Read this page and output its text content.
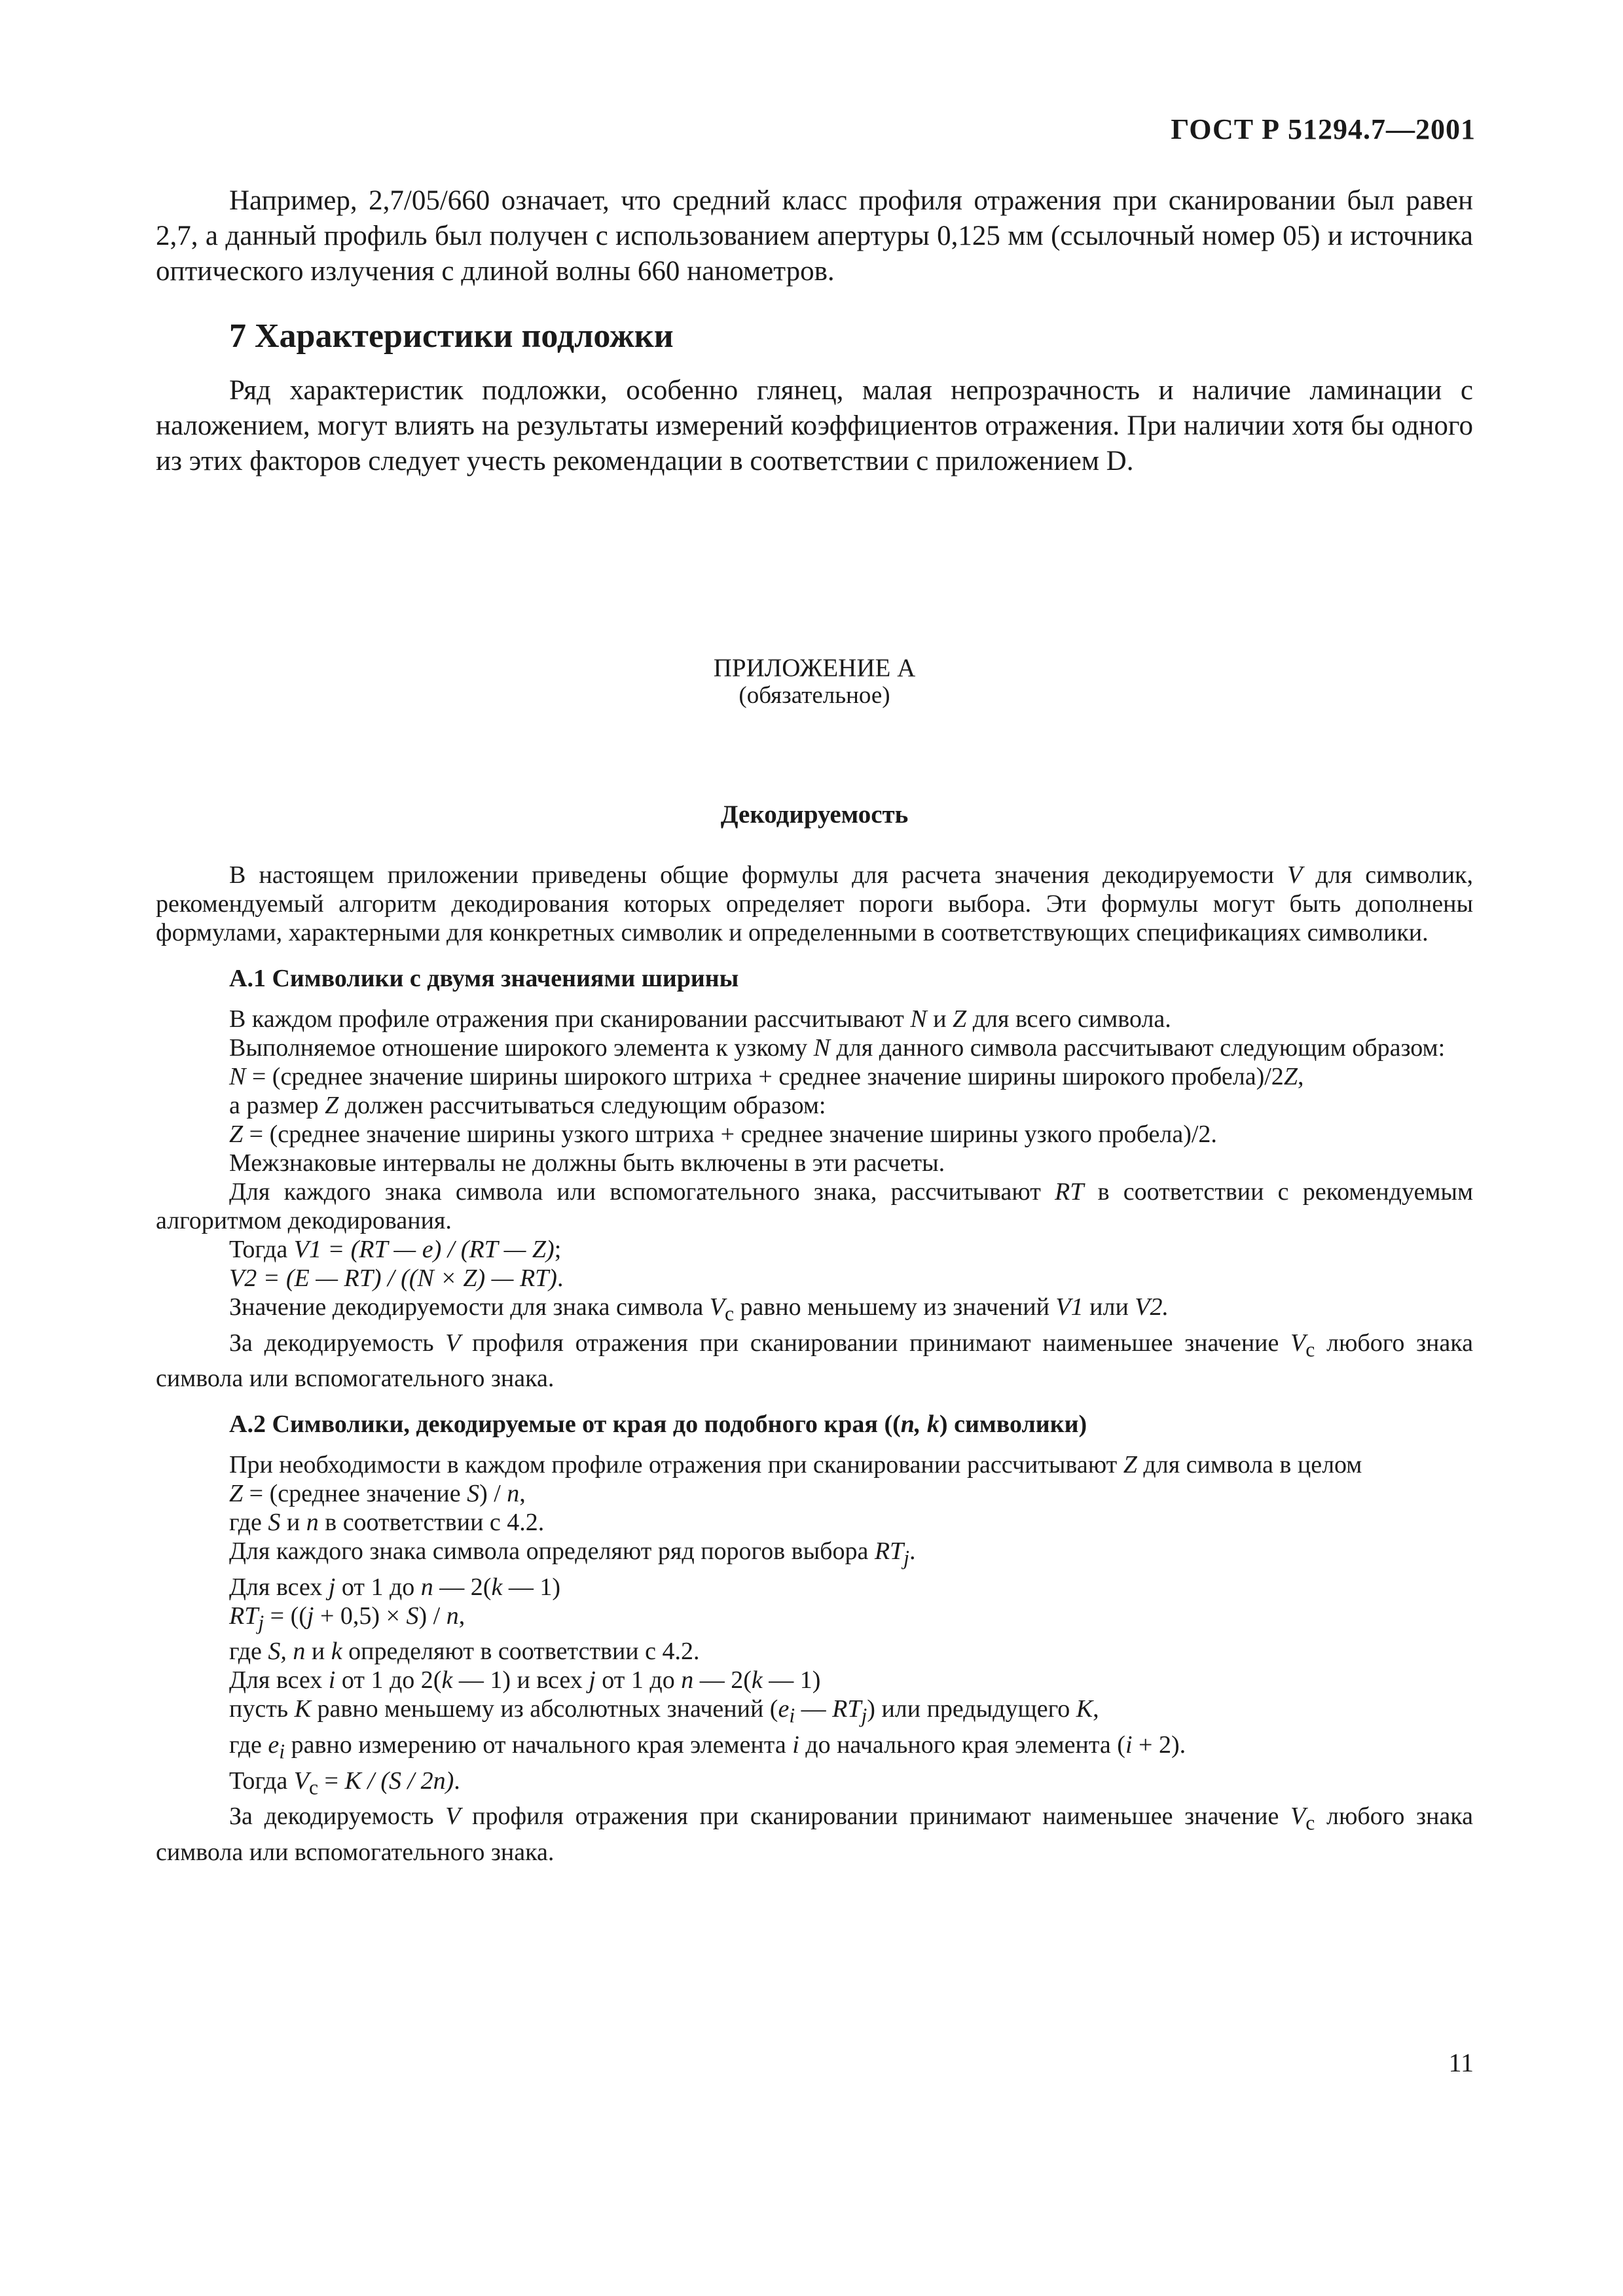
ГОСТ Р 51294.7—2001

Например, 2,7/05/660 означает, что средний класс профиля отражения при сканировании был равен 2,7, а данный профиль был получен с использованием апертуры 0,125 мм (ссылочный номер 05) и источника оптического излучения с длиной волны 660 нанометров.

7 Характеристики подложки

Ряд характеристик подложки, особенно глянец, малая непрозрачность и наличие ламинации с наложением, могут влиять на результаты измерений коэффициентов отражения. При наличии хотя бы одного из этих факторов следует учесть рекомендации в соответствии с приложением D.

ПРИЛОЖЕНИЕ А
(обязательное)
Декодируемость

В настоящем приложении приведены общие формулы для расчета значения декодируемости V для символик, рекомендуемый алгоритм декодирования которых определяет пороги выбора. Эти формулы могут быть дополнены формулами, характерными для конкретных символик и определенными в соответствующих спецификациях символики.

А.1 Символики с двумя значениями ширины
В каждом профиле отражения при сканировании рассчитывают N и Z для всего символа.

Выполняемое отношение широкого элемента к узкому N для данного символа рассчитывают следующим образом:

N = (среднее значение ширины широкого штриха + среднее значение ширины широкого пробела)/2Z,
а размер Z должен рассчитываться следующим образом:
Z = (среднее значение ширины узкого штриха + среднее значение ширины узкого пробела)/2.
Межзнаковые интервалы не должны быть включены в эти расчеты.

Для каждого знака символа или вспомогательного знака, рассчитывают RT в соответствии с рекомендуемым алгоритмом декодирования.

Тогда V1 = (RT — e) / (RT — Z);
V2 = (E — RT) / ((N × Z) — RT).
Значение декодируемости для знака символа $V_c$ равно меньшему из значений V1 или V2.

За декодируемость V профиля отражения при сканировании принимают наименьшее значение $V_c$ любого знака символа или вспомогательного знака.

А.2 Символики, декодируемые от края до подобного края ((n, k) символики)
При необходимости в каждом профиле отражения при сканировании рассчитывают Z для символа в целом
Z = (среднее значение S) / n,
где S и n в соответствии с 4.2.
Для каждого знака символа определяют ряд порогов выбора $RT_j$.
Для всех j от 1 до n — 2(k — 1)
$RT_j = ((j + 0,5) \times S) / n$,
где S, n и k определяют в соответствии с 4.2.
Для всех i от 1 до 2(k — 1) и всех j от 1 до n — 2(k — 1)
пусть K равно меньшему из абсолютных значений ($e_i$ — $RT_j$) или предыдущего K,
где $e_i$ равно измерению от начального края элемента i до начального края элемента (i + 2).
Тогда $V_c = K / (S / 2n)$.

За декодируемость V профиля отражения при сканировании принимают наименьшее значение $V_c$ любого знака символа или вспомогательного знака.

11
